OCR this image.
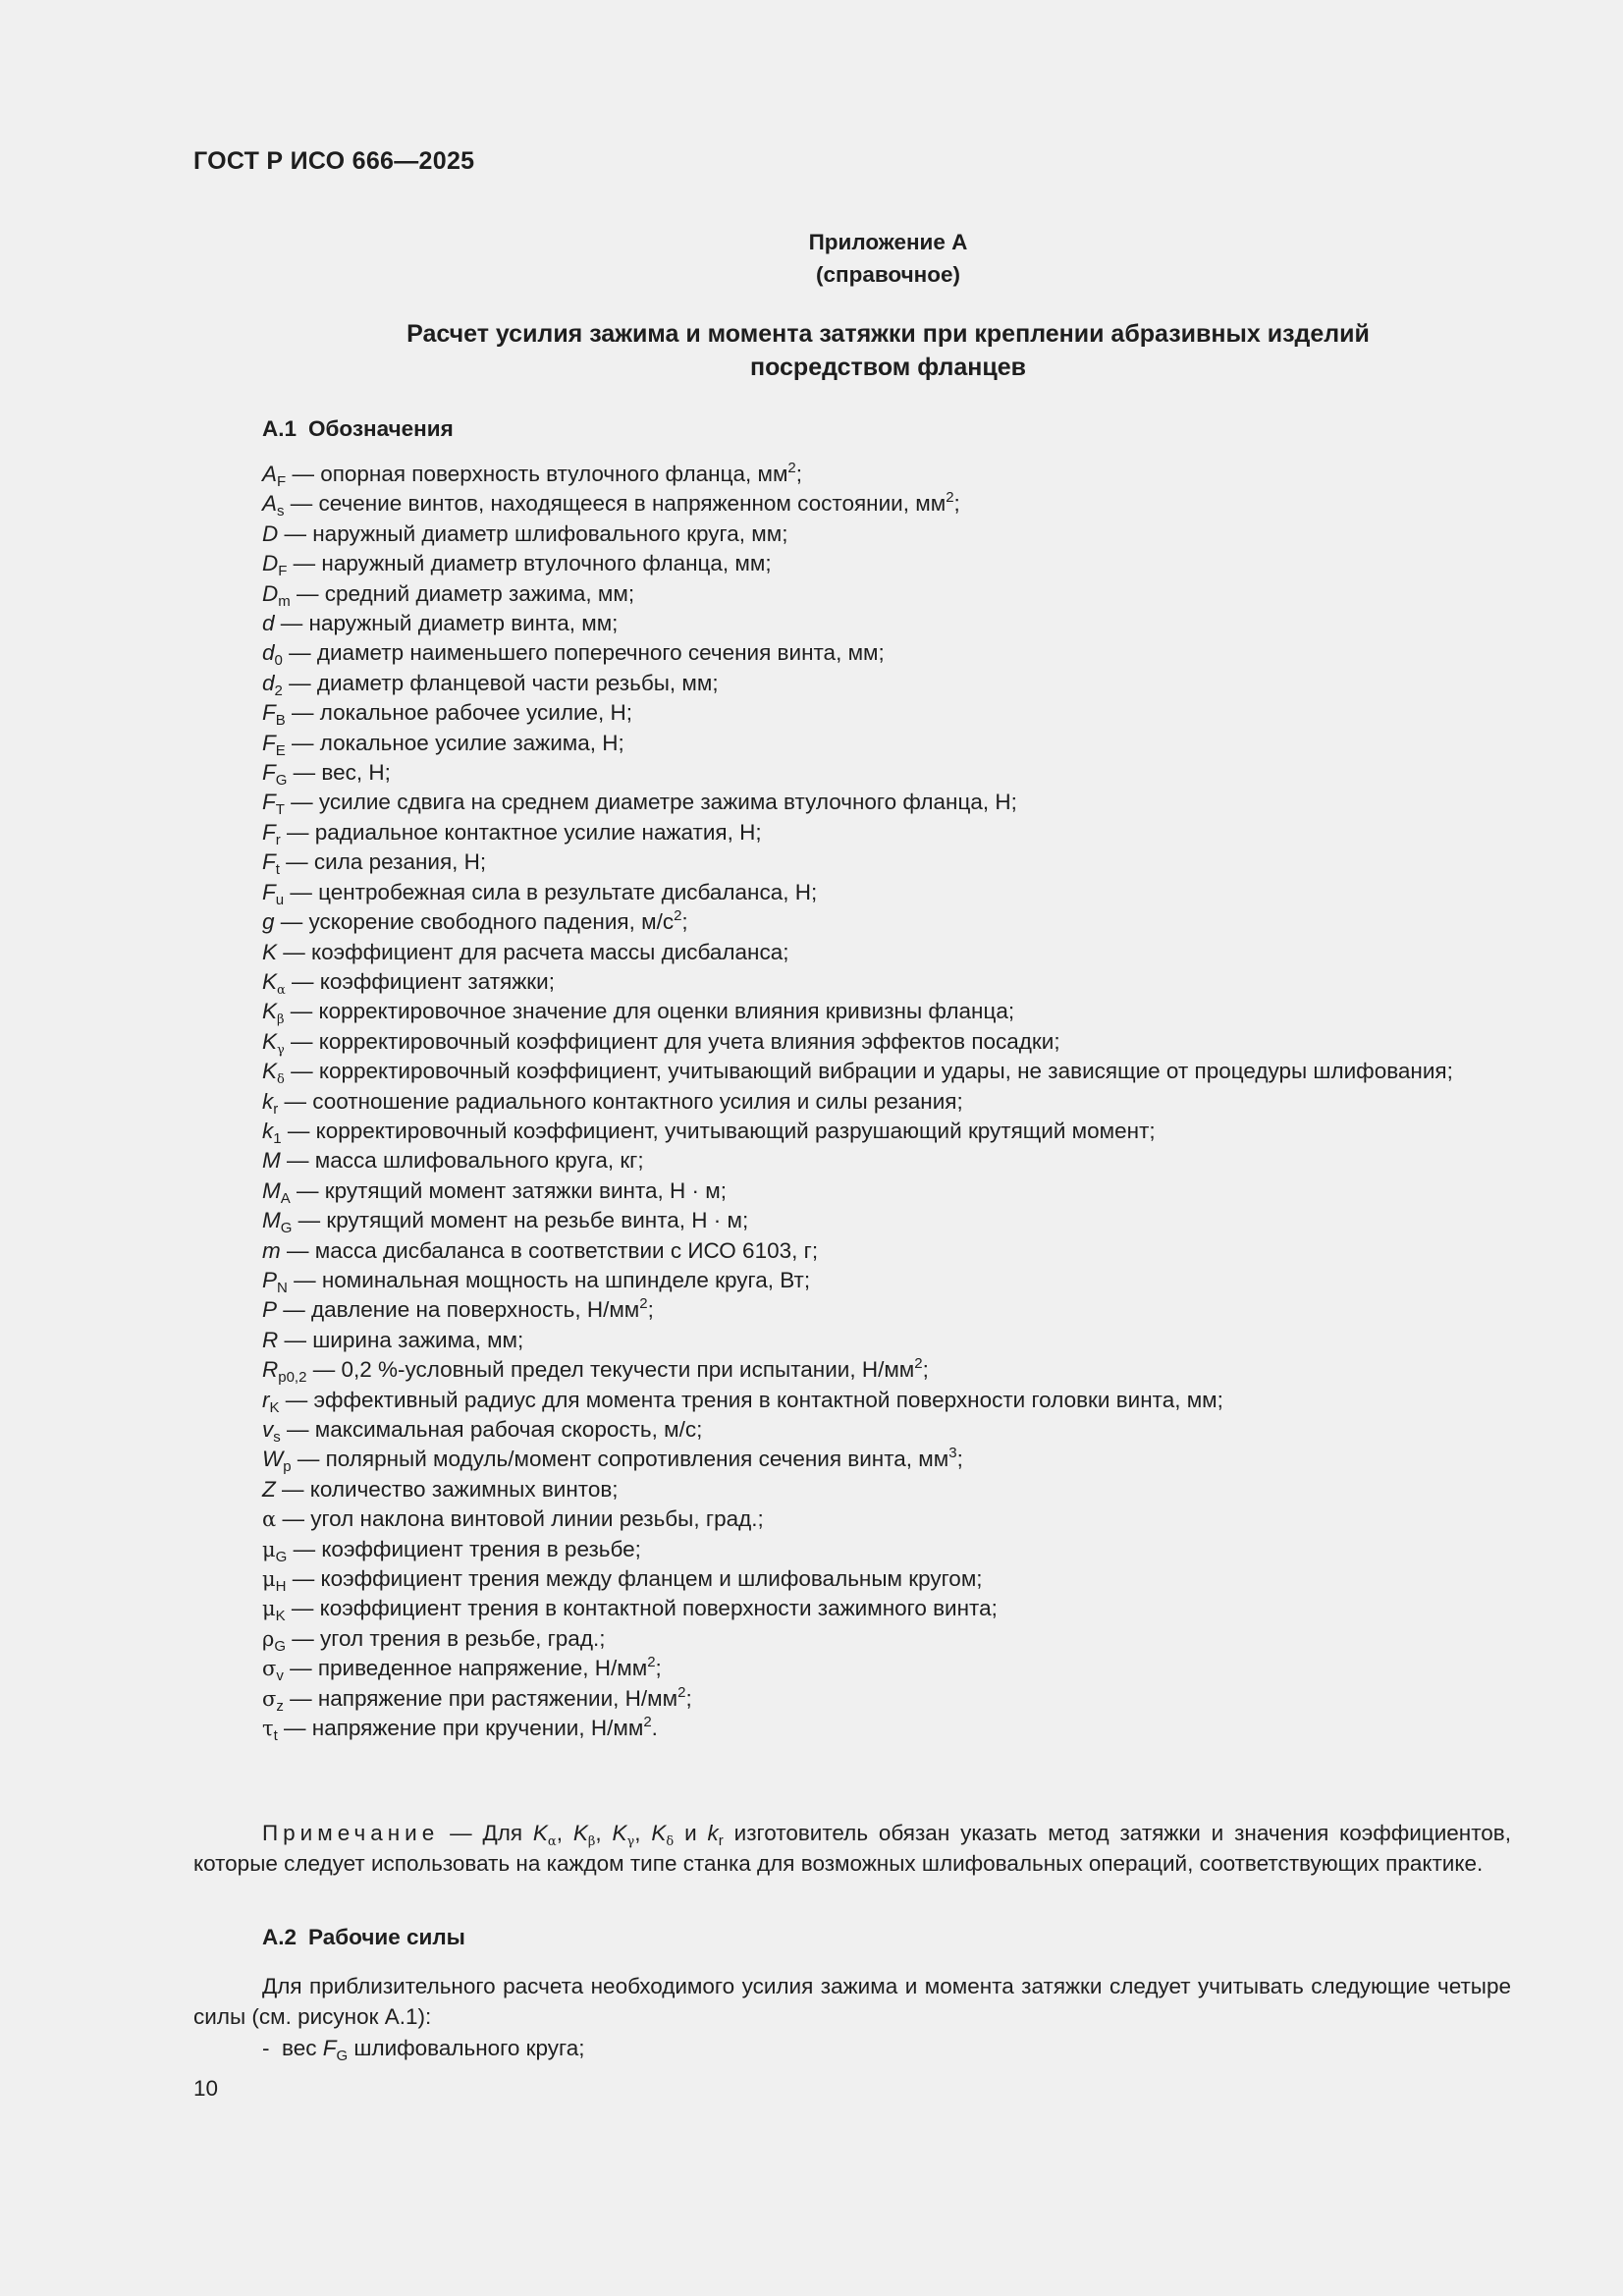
ГОСТ Р ИСО 666—2025
Приложение А
(справочное)
Расчет усилия зажима и момента затяжки при креплении абразивных изделий
посредством фланцев
А.1 Обозначения
$A_F$ — опорная поверхность втулочного фланца, $мм^2$;
$A_s$ — сечение винтов, находящееся в напряженном состоянии, $мм^2$;
D — наружный диаметр шлифовального круга, мм;
$D_F$ — наружный диаметр втулочного фланца, мм;
$D_m$ — средний диаметр зажима, мм;
d — наружный диаметр винта, мм;
$d_0$ — диаметр наименьшего поперечного сечения винта, мм;
$d_2$ — диаметр фланцевой части резьбы, мм;
$F_B$ — локальное рабочее усилие, Н;
$F_E$ — локальное усилие зажима, Н;
$F_G$ — вес, Н;
$F_T$ — усилие сдвига на среднем диаметре зажима втулочного фланца, Н;
$F_r$ — радиальное контактное усилие нажатия, Н;
$F_t$ — сила резания, Н;
$F_u$ — центробежная сила в результате дисбаланса, Н;
g — ускорение свободного падения, $м/с^2$;
K — коэффициент для расчета массы дисбаланса;
$K_\alpha$ — коэффициент затяжки;
$K_\beta$ — корректировочное значение для оценки влияния кривизны фланца;
$K_\gamma$ — корректировочный коэффициент для учета влияния эффектов посадки;
$K_\delta$ — корректировочный коэффициент, учитывающий вибрации и удары, не зависящие от процедуры шлифования;
$k_r$ — соотношение радиального контактного усилия и силы резания;
$k_1$ — корректировочный коэффициент, учитывающий разрушающий крутящий момент;
M — масса шлифовального круга, кг;
$M_A$ — крутящий момент затяжки винта, Н · м;
$M_G$ — крутящий момент на резьбе винта, Н · м;
m — масса дисбаланса в соответствии с ИСО 6103, г;
$P_N$ — номинальная мощность на шпинделе круга, Вт;
P — давление на поверхность, $Н/мм^2$;
R — ширина зажима, мм;
$R_{p0,2}$ — 0,2 %-условный предел текучести при испытании, $Н/мм^2$;
$r_K$ — эффективный радиус для момента трения в контактной поверхности головки винта, мм;
$v_s$ — максимальная рабочая скорость, м/с;
$W_p$ — полярный модуль/момент сопротивления сечения винта, $мм^3$;
Z — количество зажимных винтов;
α — угол наклона винтовой линии резьбы, град.;
$\mu_G$ — коэффициент трения в резьбе;
$\mu_H$ — коэффициент трения между фланцем и шлифовальным кругом;
$\mu_K$ — коэффициент трения в контактной поверхности зажимного винта;
$\rho_G$ — угол трения в резьбе, град.;
$\sigma_v$ — приведенное напряжение, $Н/мм^2$;
$\sigma_z$ — напряжение при растяжении, $Н/мм^2$;
$\tau_t$ — напряжение при кручении, $Н/мм^2$.
Примечание — Для $K_\alpha$, $K_\beta$, $K_\gamma$, $K_\delta$ и $k_r$ изготовитель обязан указать метод затяжки и значения коэффициентов, которые следует использовать на каждом типе станка для возможных шлифовальных операций, соответствующих практике.
А.2 Рабочие силы
Для приблизительного расчета необходимого усилия зажима и момента затяжки следует учитывать следующие четыре силы (см. рисунок А.1):
- вес $F_G$ шлифовального круга;
10
